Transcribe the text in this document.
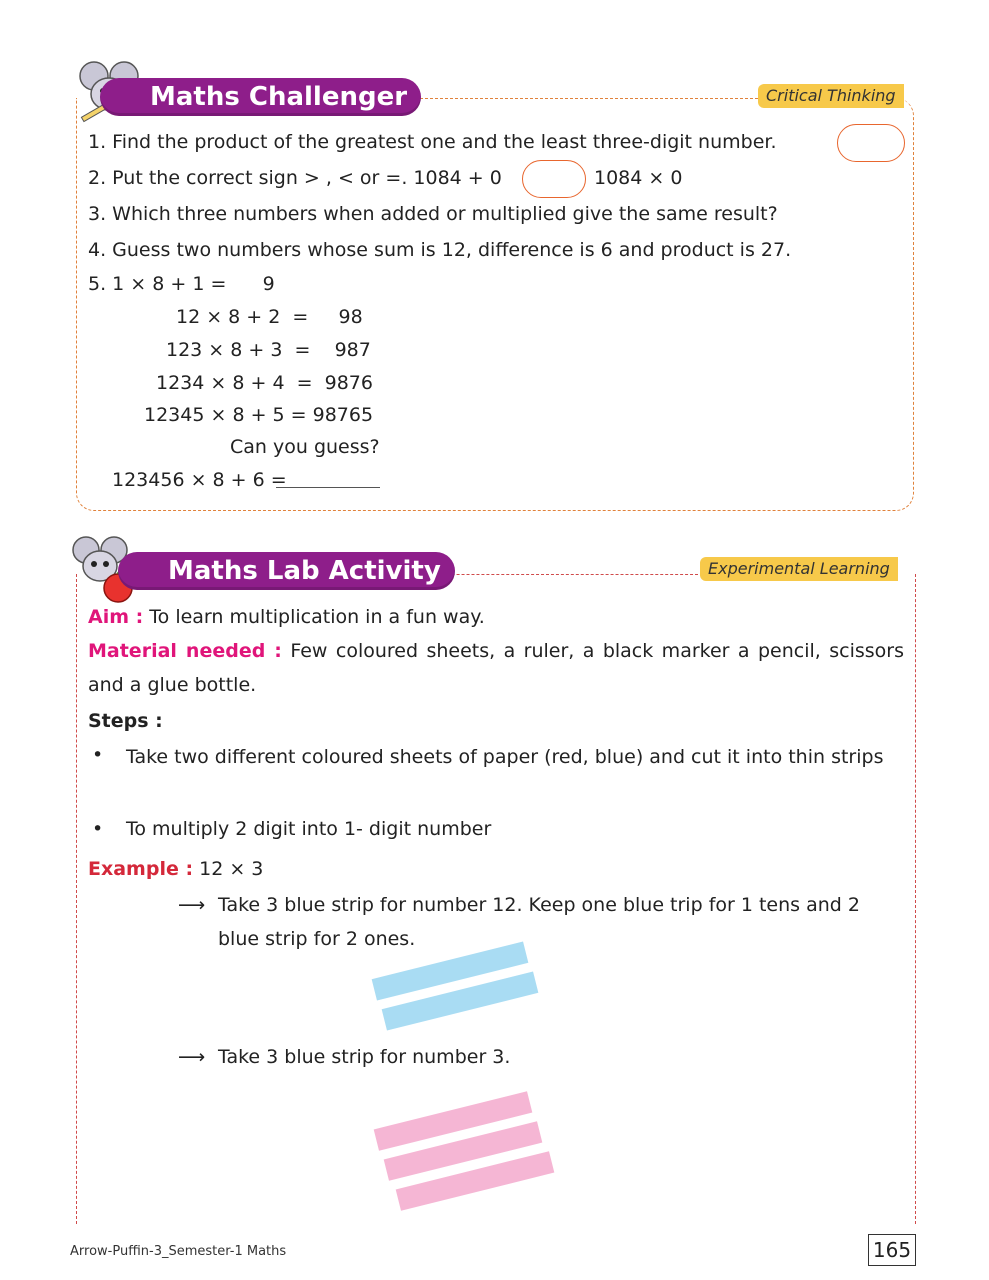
Maths Challenger	Critical Thinking
1. Find the product of the greatest one and the least three-digit number.
2. Put the correct sign > , < or =. 1084 + 0	1084 × 0
3. Which three numbers when added or multiplied give the same result?
4. Guess two numbers whose sum is 12, difference is 6 and product is 27.
5. 1 × 8 + 1 =      9
12 × 8 + 2  =     98
123 × 8 + 3  =    987
1234 × 8 + 4  =  9876
12345 × 8 + 5 = 98765
Can you guess?
123456 × 8 + 6 =
Maths Lab Activity	Experimental Learning
Aim : To learn multiplication in a fun way.
Material needed : Few coloured sheets, a ruler, a black marker a pencil, scissors and a glue bottle.
Steps :
• Take two different coloured sheets of paper (red, blue) and cut it into thin strips
• To multiply 2 digit into 1- digit number
Example : 12 × 3
⟶ Take 3 blue strip for number 12. Keep one blue trip for 1 tens and 2 blue strip for 2 ones.
⟶ Take 3 blue strip for number 3.
Arrow-Puffin-3_Semester-1 Maths	165
